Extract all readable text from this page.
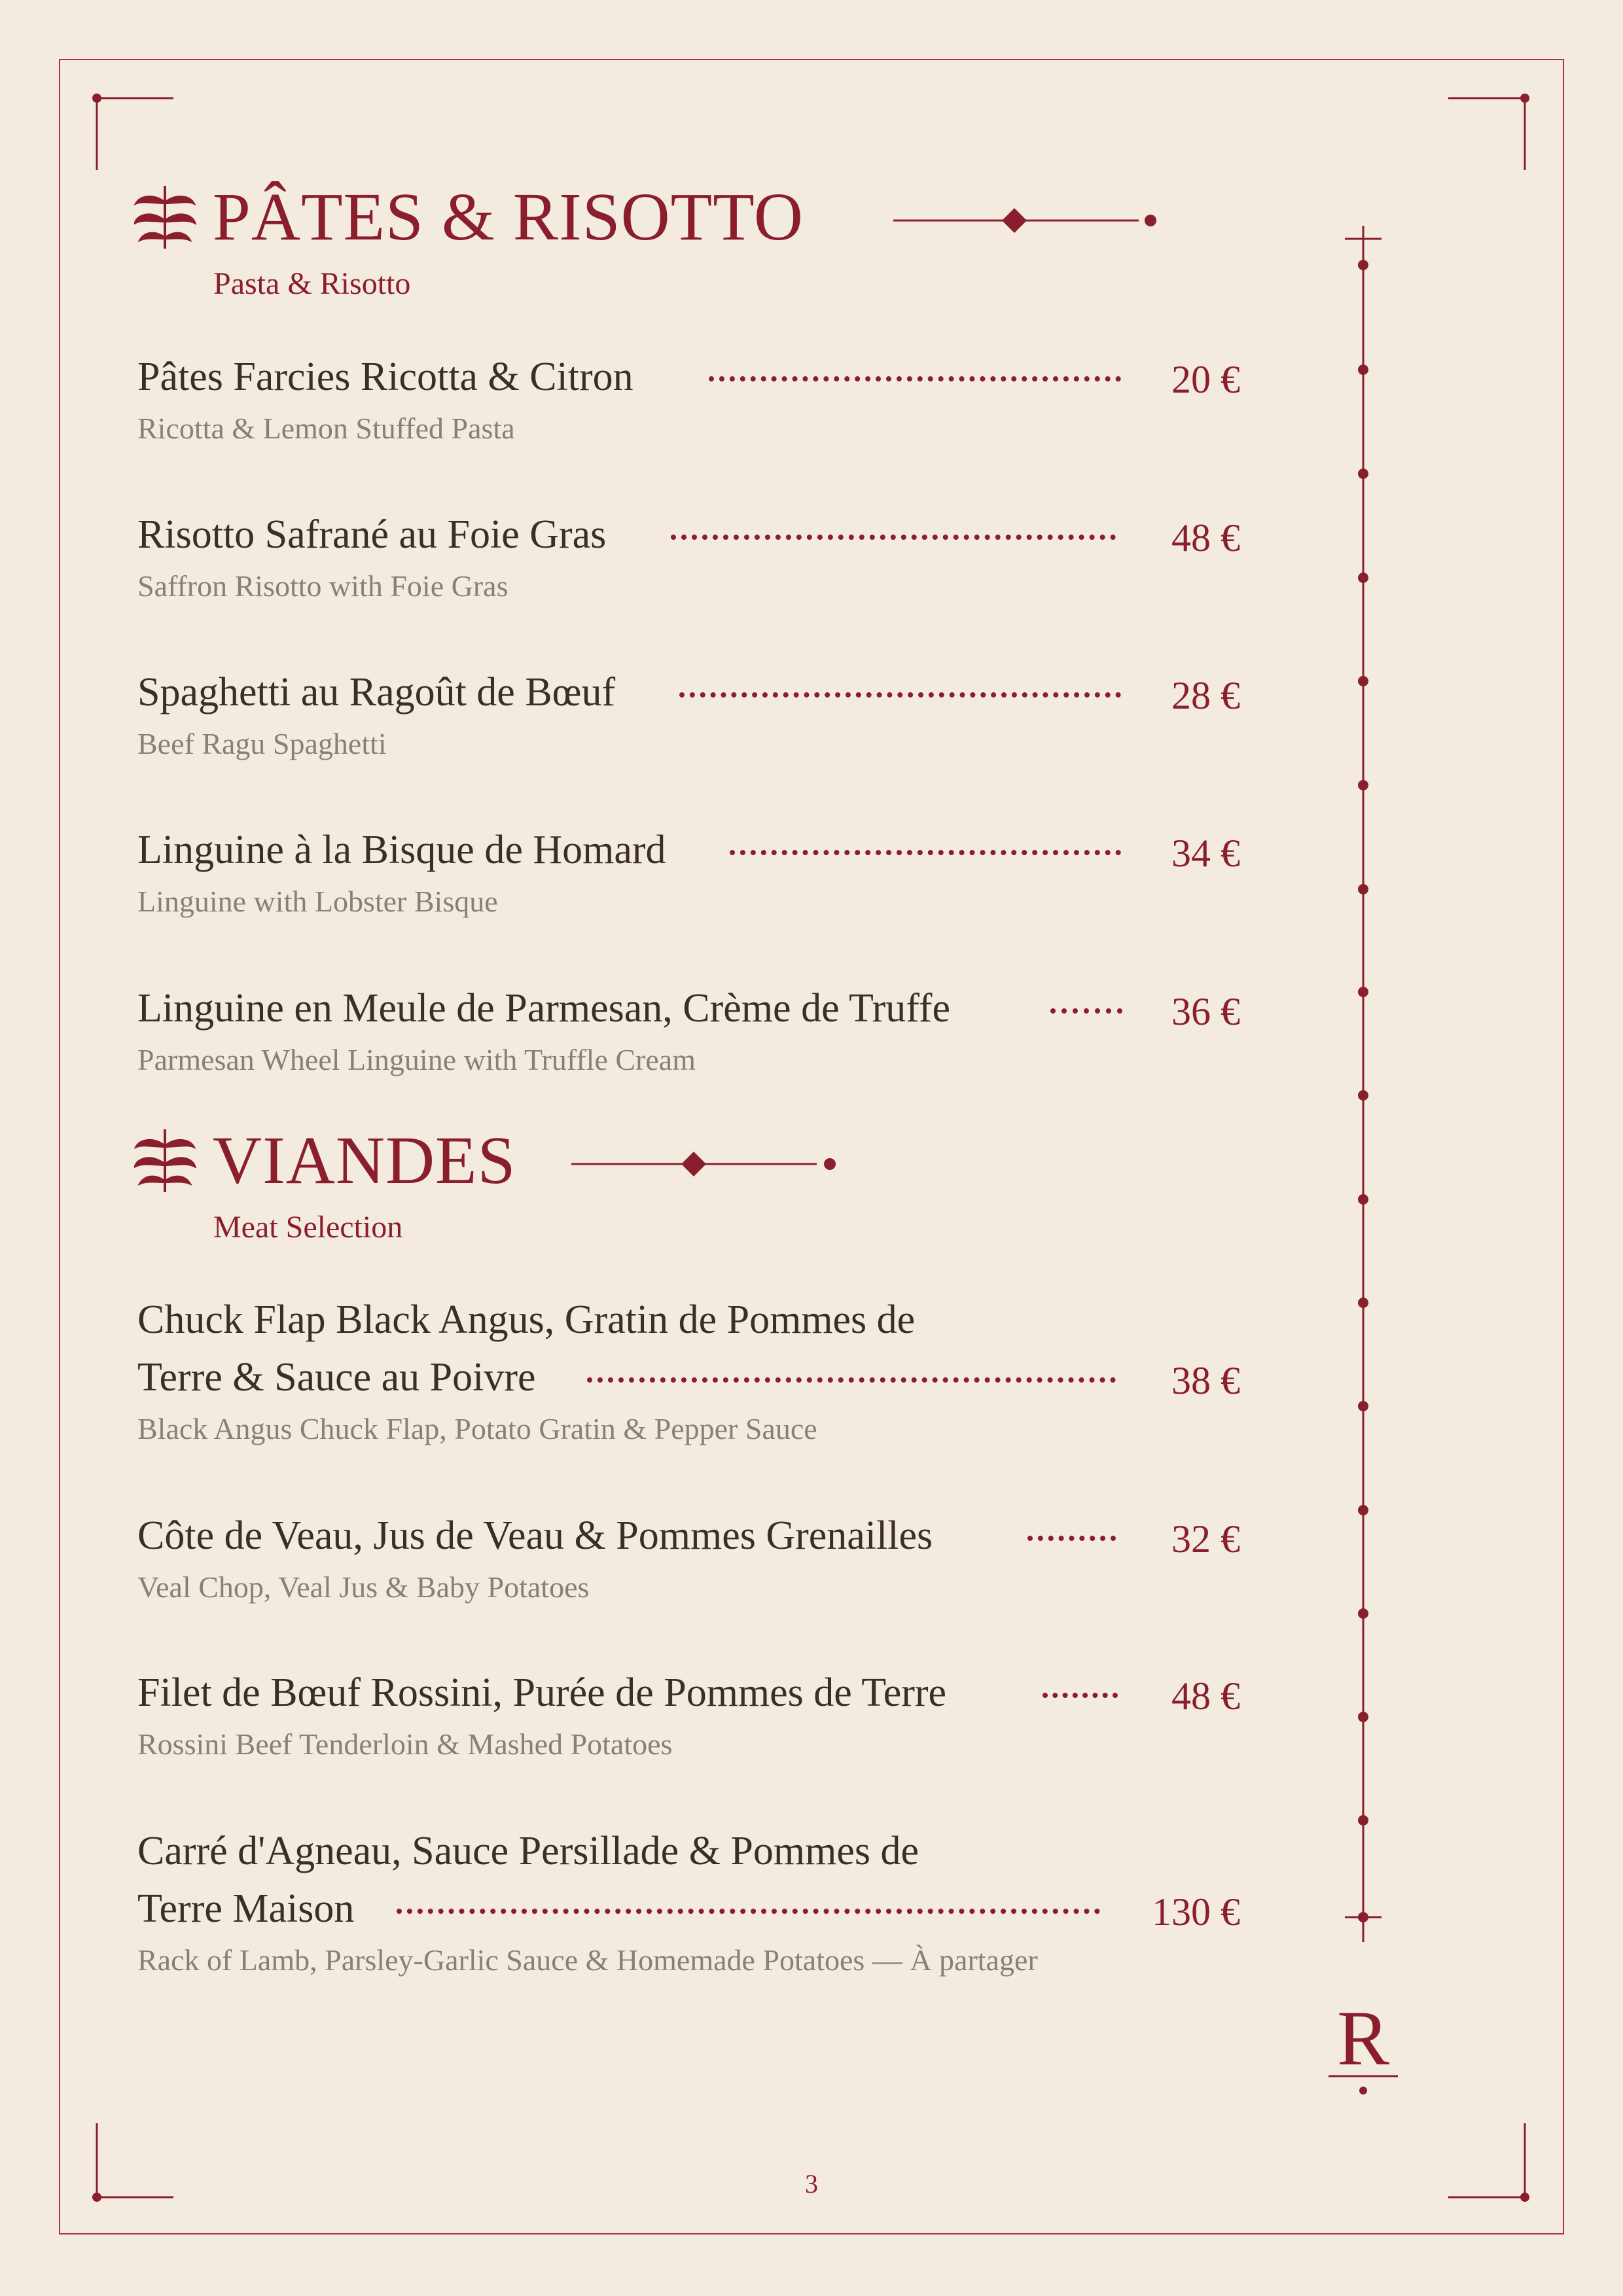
PÂTES & RISOTTO
Pasta & Risotto
Pâtes Farcies Ricotta & Citron	20 €
Ricotta & Lemon Stuffed Pasta
Risotto Safrané au Foie Gras	48 €
Saffron Risotto with Foie Gras
Spaghetti au Ragoût de Bœuf	28 €
Beef Ragu Spaghetti
Linguine à la Bisque de Homard	34 €
Linguine with Lobster Bisque
Linguine en Meule de Parmesan, Crème de Truffe	36 €
Parmesan Wheel Linguine with Truffle Cream
VIANDES
Meat Selection
Chuck Flap Black Angus, Gratin de Pommes de
Terre & Sauce au Poivre	38 €
Black Angus Chuck Flap, Potato Gratin & Pepper Sauce
Côte de Veau, Jus de Veau & Pommes Grenailles	32 €
Veal Chop, Veal Jus & Baby Potatoes
Filet de Bœuf Rossini, Purée de Pommes de Terre	48 €
Rossini Beef Tenderloin & Mashed Potatoes
Carré d'Agneau, Sauce Persillade & Pommes de
Terre Maison	130 €
Rack of Lamb, Parsley-Garlic Sauce & Homemade Potatoes — À partager
R
3
